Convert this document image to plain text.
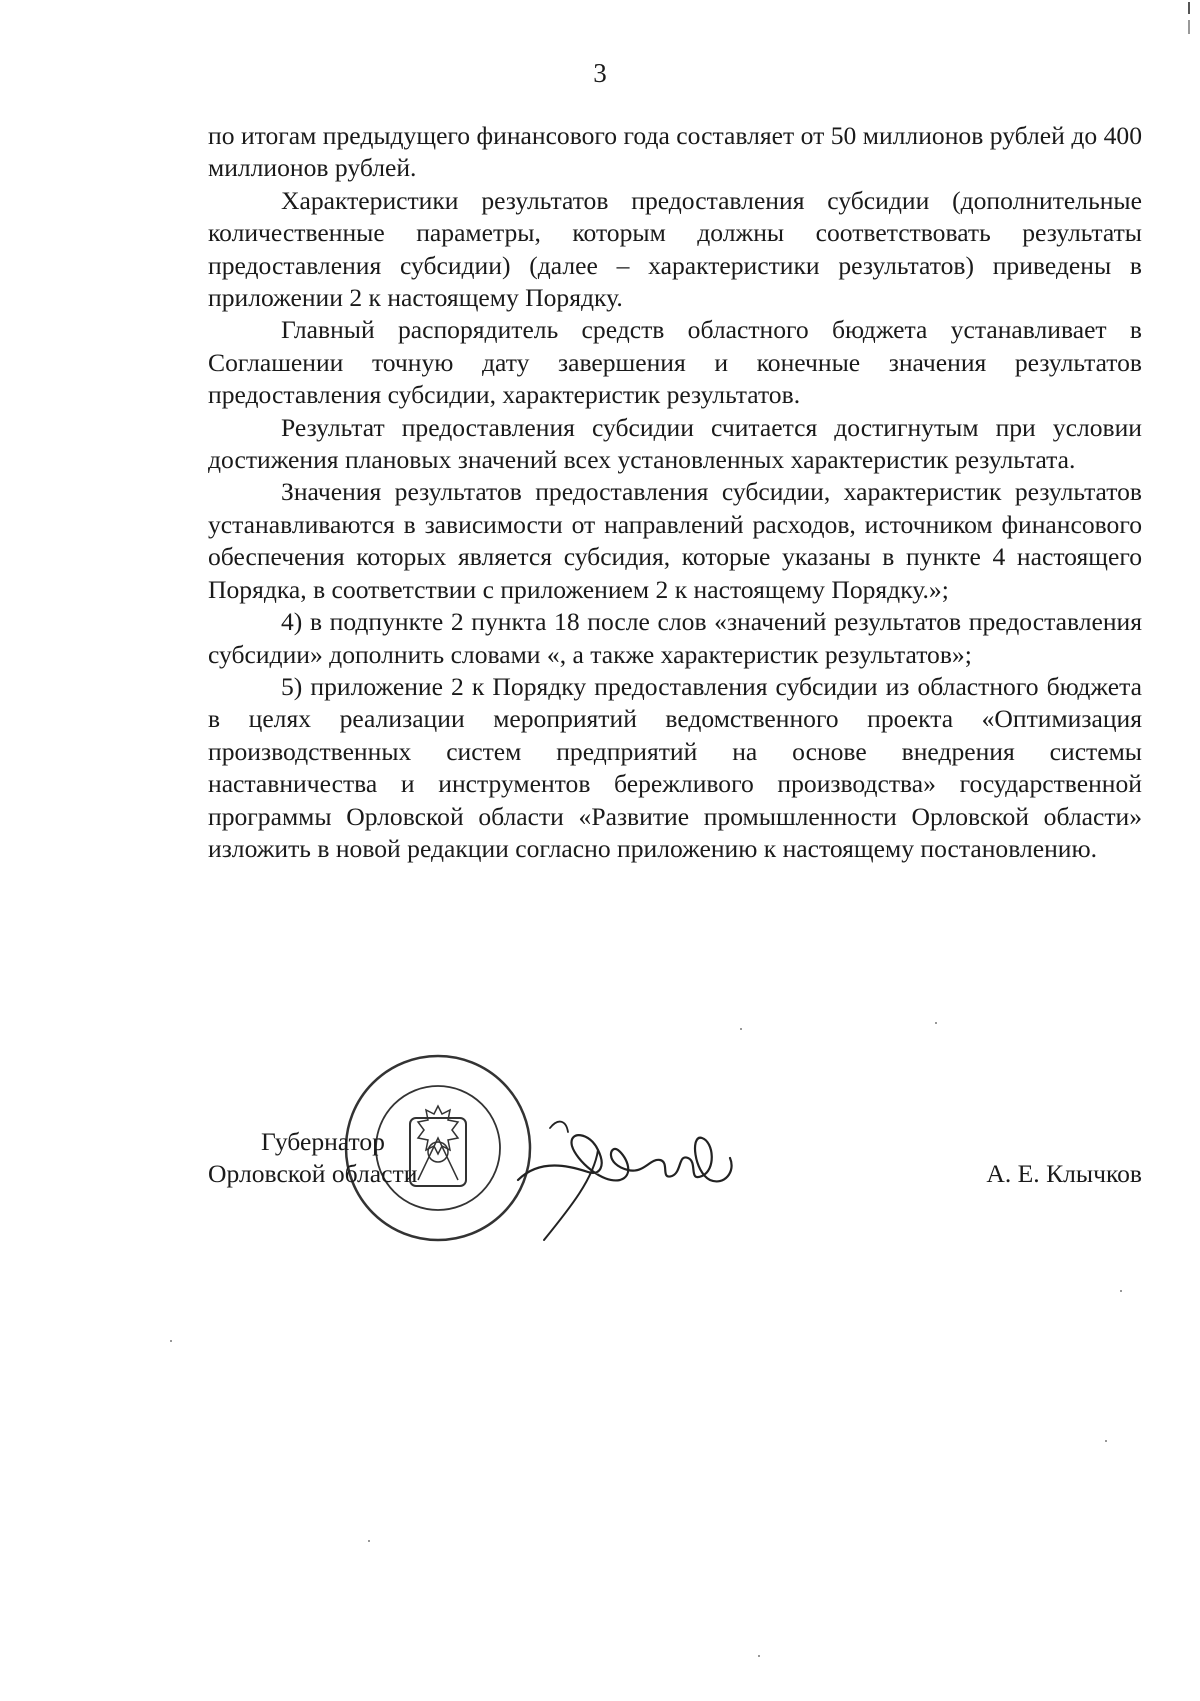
3

по итогам предыдущего финансового года составляет от 50 миллионов рублей до 400 миллионов рублей.

Характеристики результатов предоставления субсидии (дополнительные количественные параметры, которым должны соответствовать результаты предоставления субсидии) (далее – характеристики результатов) приведены в приложении 2 к настоящему Порядку.

Главный распорядитель средств областного бюджета устанавливает в Соглашении точную дату завершения и конечные значения результатов предоставления субсидии, характеристик результатов.

Результат предоставления субсидии считается достигнутым при условии достижения плановых значений всех установленных характеристик результата.

Значения результатов предоставления субсидии, характеристик результатов устанавливаются в зависимости от направлений расходов, источником финансового обеспечения которых является субсидия, которые указаны в пункте 4 настоящего Порядка, в соответствии с приложением 2 к настоящему Порядку.»;

4) в подпункте 2 пункта 18 после слов «значений результатов предоставления субсидии» дополнить словами «, а также характеристик результатов»;

5) приложение 2 к Порядку предоставления субсидии из областного бюджета в целях реализации мероприятий ведомственного проекта «Оптимизация производственных систем предприятий на основе внедрения системы наставничества и инструментов бережливого производства» государственной программы Орловской области «Развитие промышленности Орловской области» изложить в новой редакции согласно приложению к настоящему постановлению.

Губернатор
Орловской области	А. Е. Клычков
